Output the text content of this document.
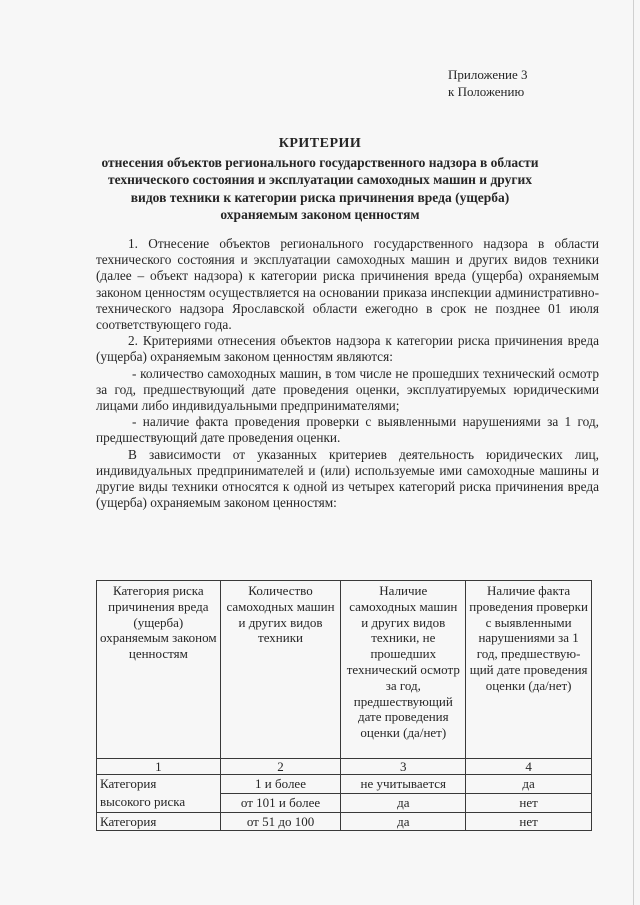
Приложение 3
к Положению
КРИТЕРИИ
отнесения объектов регионального государственного надзора в области технического состояния и эксплуатации самоходных машин и других видов техники к категории риска причинения вреда (ущерба) охраняемым законом ценностям

1. Отнесение объектов регионального государственного надзора в области технического состояния и эксплуатации самоходных машин и других видов техники (далее – объект надзора) к категории риска причинения вреда (ущерба) охраняемым законом ценностям осуществляется на основании приказа инспекции административно-технического надзора Ярославской области ежегодно в срок не позднее 01 июля соответствующего года.

2. Критериями отнесения объектов надзора к категории риска причинения вреда (ущерба) охраняемым законом ценностям являются:

- количество самоходных машин, в том числе не прошедших технический осмотр за год, предшествующий дате проведения оценки, эксплуатируемых юридическими лицами либо индивидуальными предпринимателями;

- наличие факта проведения проверки с выявленными нарушениями за 1 год, предшествующий дате проведения оценки.

В зависимости от указанных критериев деятельность юридических лиц, индивидуальных предпринимателей и (или) используемые ими самоходные машины и другие виды техники относятся к одной из четырех категорий риска причинения вреда (ущерба) охраняемым законом ценностям:

Категория риска причинения вреда (ущерба) охраняемым законом ценностям	Количество самоходных машин и других видов техники	Наличие самоходных машин и других видов техники, не прошедших технический осмотр за год, предшествующий дате проведения оценки (да/нет)	Наличие факта проведения проверки с выявленными нарушениями за 1 год, предшествую-щий дате проведения оценки (да/нет)
1	2	3	4
Категория	1 и более	не учитывается	да
высокого риска	от 101 и более	да	нет
Категория	от 51 до 100	да	нет
